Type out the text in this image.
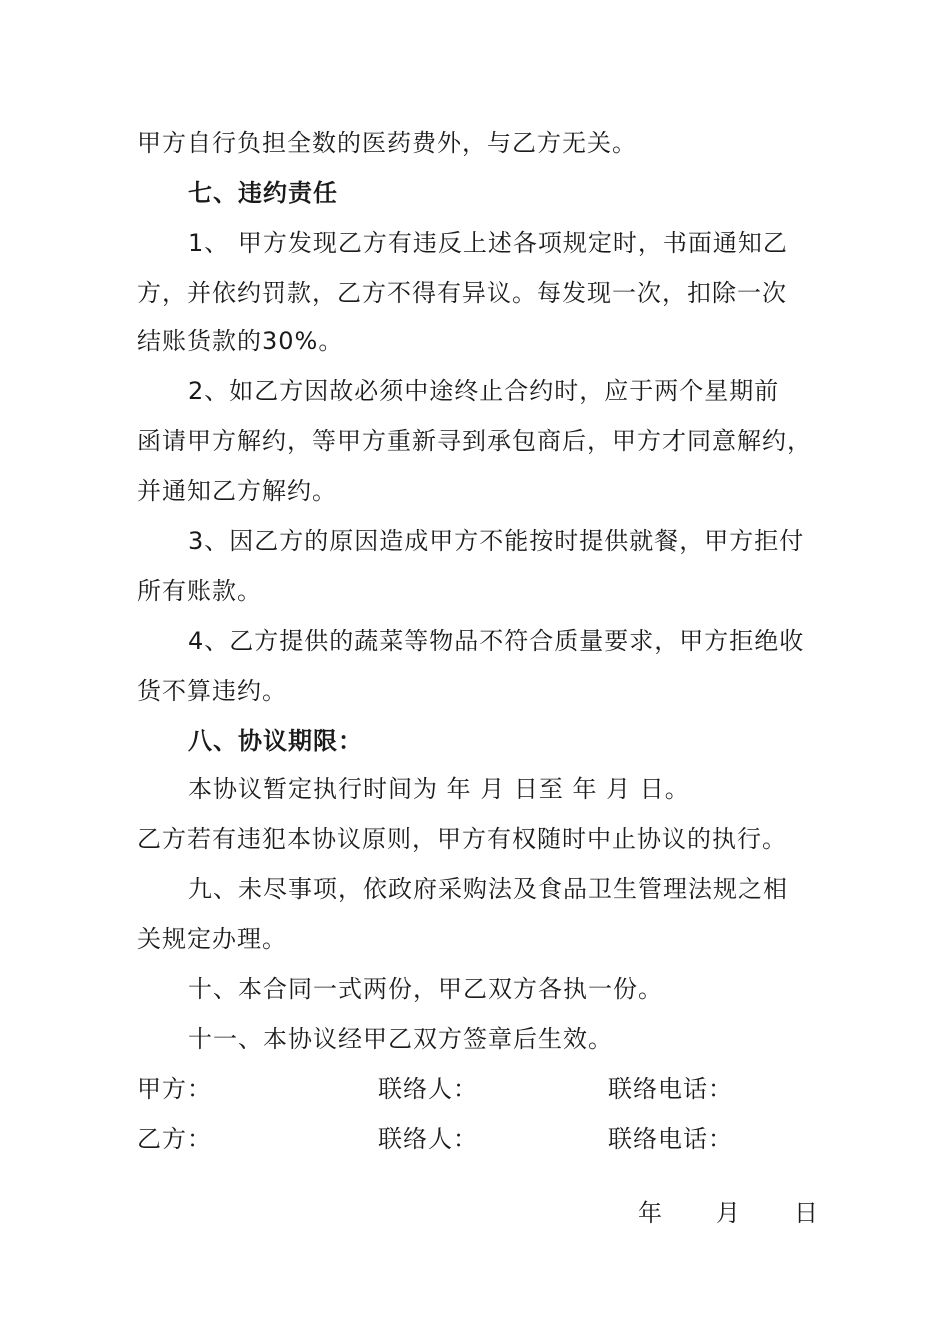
甲方自行负担全数的医药费外，与乙方无关。
七、违约责任
1、 甲方发现乙方有违反上述各项规定时，书面通知乙
方，并依约罚款，乙方不得有异议。每发现一次，扣除一次
结账货款的30%。
2、如乙方因故必须中途终止合约时，应于两个星期前
函请甲方解约，等甲方重新寻到承包商后，甲方才同意解约，
并通知乙方解约。
3、因乙方的原因造成甲方不能按时提供就餐，甲方拒付
所有账款。
4、乙方提供的蔬菜等物品不符合质量要求，甲方拒绝收
货不算违约。
八、协议期限：
本协议暂定执行时间为 年 月 日至 年 月 日。
乙方若有违犯本协议原则，甲方有权随时中止协议的执行。
九、未尽事项，依政府采购法及食品卫生管理法规之相
关规定办理。
十、本合同一式两份，甲乙双方各执一份。
十一、本协议经甲乙双方签章后生效。
甲方：	联络人：	联络电话：
乙方：	联络人：	联络电话：
年 月 日
